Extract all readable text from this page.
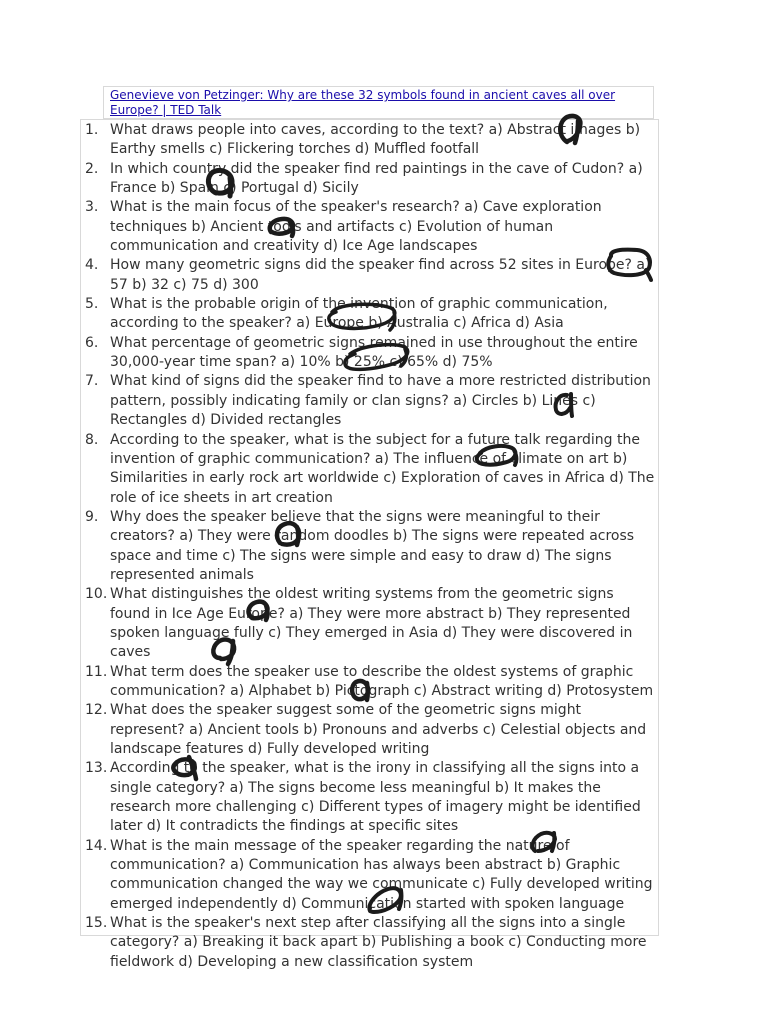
Genevieve von Petzinger: Why are these 32 symbols found in ancient caves all over Europe? | TED Talk
1. What draws people into caves, according to the text? a) Abstract images b) Earthy smells c) Flickering torches d) Muffled footfall
2. In which country did the speaker find red paintings in the cave of Cudon? a) France b) Spain c) Portugal d) Sicily
3. What is the main focus of the speaker's research? a) Cave exploration techniques b) Ancient tools and artifacts c) Evolution of human communication and creativity d) Ice Age landscapes
4. How many geometric signs did the speaker find across 52 sites in Europe? a) 57 b) 32 c) 75 d) 300
5. What is the probable origin of the invention of graphic communication, according to the speaker? a) Europe b) Australia c) Africa d) Asia
6. What percentage of geometric signs remained in use throughout the entire 30,000-year time span? a) 10% b) 25% c) 65% d) 75%
7. What kind of signs did the speaker find to have a more restricted distribution pattern, possibly indicating family or clan signs? a) Circles b) Lines c) Rectangles d) Divided rectangles
8. According to the speaker, what is the subject for a future talk regarding the invention of graphic communication? a) The influence of climate on art b) Similarities in early rock art worldwide c) Exploration of caves in Africa d) The role of ice sheets in art creation
9. Why does the speaker believe that the signs were meaningful to their creators? a) They were random doodles b) The signs were repeated across space and time c) The signs were simple and easy to draw d) The signs represented animals
10. What distinguishes the oldest writing systems from the geometric signs found in Ice Age Europe? a) They were more abstract b) They represented spoken language fully c) They emerged in Asia d) They were discovered in caves
11. What term does the speaker use to describe the oldest systems of graphic communication? a) Alphabet b) Pictograph c) Abstract writing d) Protosystem
12. What does the speaker suggest some of the geometric signs might represent? a) Ancient tools b) Pronouns and adverbs c) Celestial objects and landscape features d) Fully developed writing
13. According to the speaker, what is the irony in classifying all the signs into a single category? a) The signs become less meaningful b) It makes the research more challenging c) Different types of imagery might be identified later d) It contradicts the findings at specific sites
14. What is the main message of the speaker regarding the nature of communication? a) Communication has always been abstract b) Graphic communication changed the way we communicate c) Fully developed writing emerged independently d) Communication started with spoken language
15. What is the speaker's next step after classifying all the signs into a single category? a) Breaking it back apart b) Publishing a book c) Conducting more fieldwork d) Developing a new classification system
